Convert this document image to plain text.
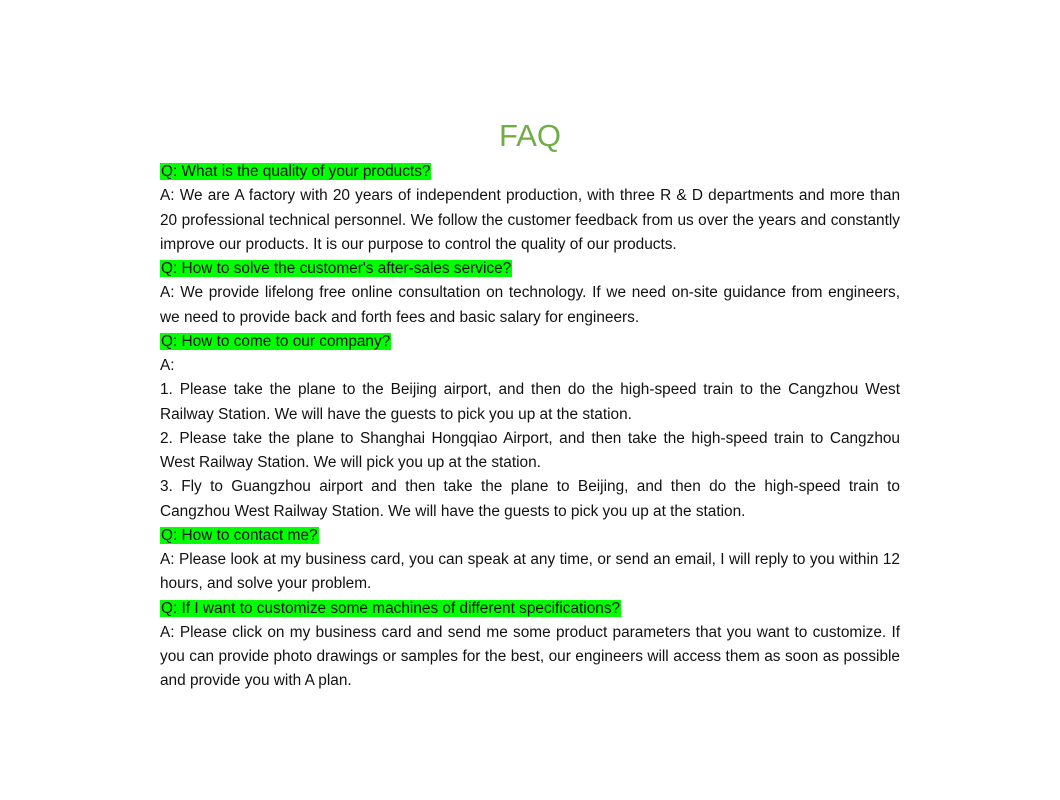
FAQ
Q: What is the quality of your products?
A: We are A factory with 20 years of independent production, with three R & D departments and more than 20 professional technical personnel. We follow the customer feedback from us over the years and constantly improve our products. It is our purpose to control the quality of our products.
Q: How to solve the customer's after-sales service?
A: We provide lifelong free online consultation on technology. If we need on-site guidance from engineers, we need to provide back and forth fees and basic salary for engineers.
Q: How to come to our company?
A:
1. Please take the plane to the Beijing airport, and then do the high-speed train to the Cangzhou West Railway Station. We will have the guests to pick you up at the station.
2. Please take the plane to Shanghai Hongqiao Airport, and then take the high-speed train to Cangzhou West Railway Station. We will pick you up at the station.
3. Fly to Guangzhou airport and then take the plane to Beijing, and then do the high-speed train to Cangzhou West Railway Station. We will have the guests to pick you up at the station.
Q: How to contact me?
A: Please look at my business card, you can speak at any time, or send an email, I will reply to you within 12 hours, and solve your problem.
Q: If I want to customize some machines of different specifications?
A: Please click on my business card and send me some product parameters that you want to customize. If you can provide photo drawings or samples for the best, our engineers will access them as soon as possible and provide you with A plan.
